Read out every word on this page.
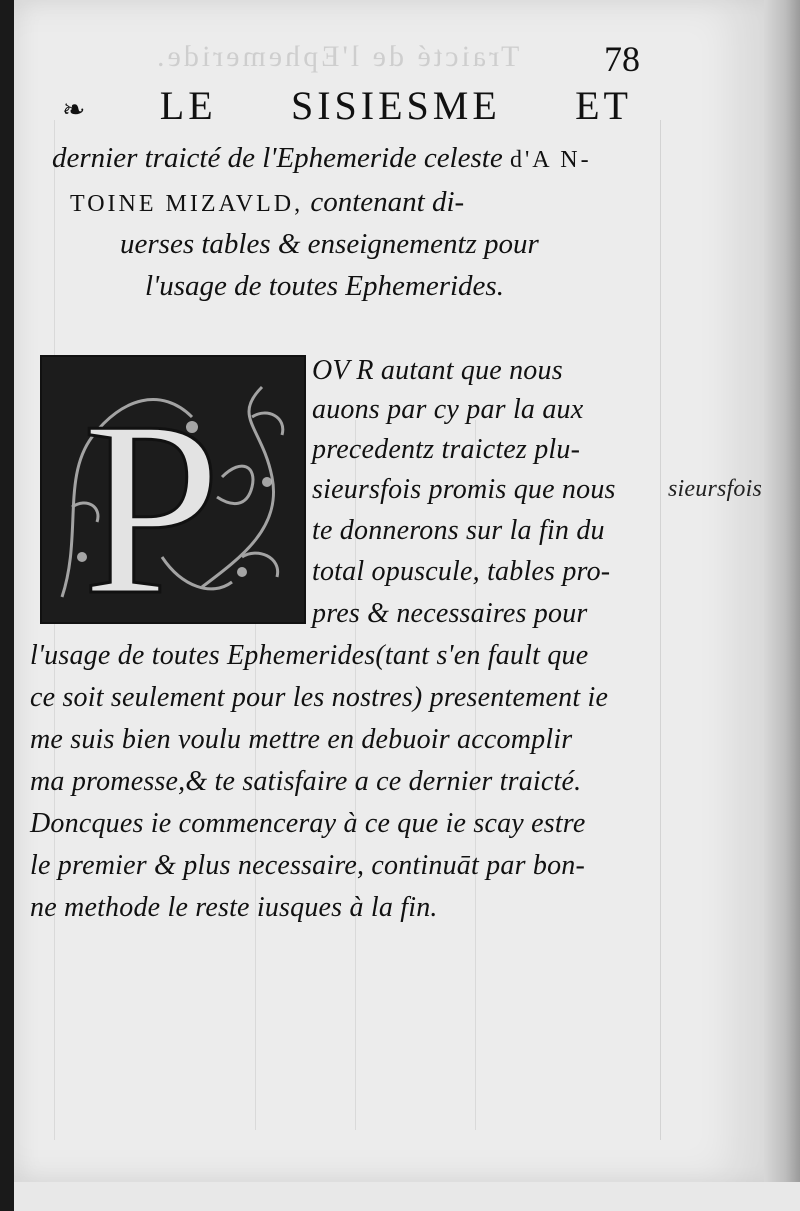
Traicté de l'Ephemeride. 78
❧ LE SISIESME ET
dernier traicté de l'Ephemeride celeste d'A N-
TOINE MIZAVLD, contenant di-
uerses tables & enseignementz pour
l'usage de toutes Ephemerides.
P	OV R autant que nous
auons par cy par la aux
precedentz traictez plu-
sieursfois promis que nous
te donnerons sur la fin du
total opuscule, tables pro-
pres & necessaires pour
l'usage de toutes Ephemerides(tant s'en fault que
ce soit seulement pour les nostres) presentement ie
me suis bien voulu mettre en debuoir accomplir
ma promesse,& te satisfaire a ce dernier traicté.
Doncques ie commenceray à ce que ie scay estre
le premier & plus necessaire, continuāt par bon-
ne methode le reste iusques à la fin.
sieursfois
